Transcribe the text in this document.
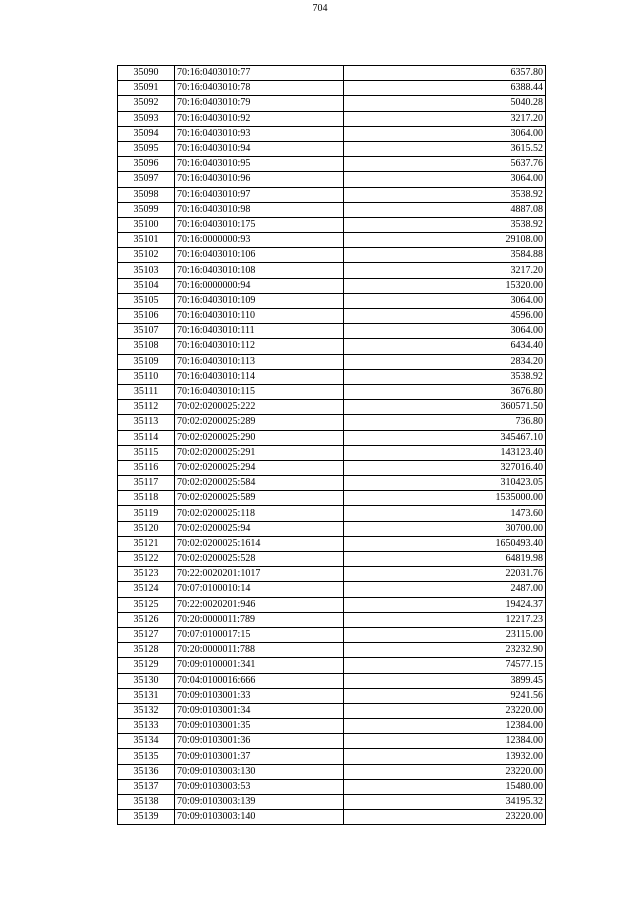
704
35090	70:16:0403010:77	6357.80
35091	70:16:0403010:78	6388.44
35092	70:16:0403010:79	5040.28
35093	70:16:0403010:92	3217.20
35094	70:16:0403010:93	3064.00
35095	70:16:0403010:94	3615.52
35096	70:16:0403010:95	5637.76
35097	70:16:0403010:96	3064.00
35098	70:16:0403010:97	3538.92
35099	70:16:0403010:98	4887.08
35100	70:16:0403010:175	3538.92
35101	70:16:0000000:93	29108.00
35102	70:16:0403010:106	3584.88
35103	70:16:0403010:108	3217.20
35104	70:16:0000000:94	15320.00
35105	70:16:0403010:109	3064.00
35106	70:16:0403010:110	4596.00
35107	70:16:0403010:111	3064.00
35108	70:16:0403010:112	6434.40
35109	70:16:0403010:113	2834.20
35110	70:16:0403010:114	3538.92
35111	70:16:0403010:115	3676.80
35112	70:02:0200025:222	360571.50
35113	70:02:0200025:289	736.80
35114	70:02:0200025:290	345467.10
35115	70:02:0200025:291	143123.40
35116	70:02:0200025:294	327016.40
35117	70:02:0200025:584	310423.05
35118	70:02:0200025:589	1535000.00
35119	70:02:0200025:118	1473.60
35120	70:02:0200025:94	30700.00
35121	70:02:0200025:1614	1650493.40
35122	70:02:0200025:528	64819.98
35123	70:22:0020201:1017	22031.76
35124	70:07:0100010:14	2487.00
35125	70:22:0020201:946	19424.37
35126	70:20:0000011:789	12217.23
35127	70:07:0100017:15	23115.00
35128	70:20:0000011:788	23232.90
35129	70:09:0100001:341	74577.15
35130	70:04:0100016:666	3899.45
35131	70:09:0103001:33	9241.56
35132	70:09:0103001:34	23220.00
35133	70:09:0103001:35	12384.00
35134	70:09:0103001:36	12384.00
35135	70:09:0103001:37	13932.00
35136	70:09:0103003:130	23220.00
35137	70:09:0103003:53	15480.00
35138	70:09:0103003:139	34195.32
35139	70:09:0103003:140	23220.00
